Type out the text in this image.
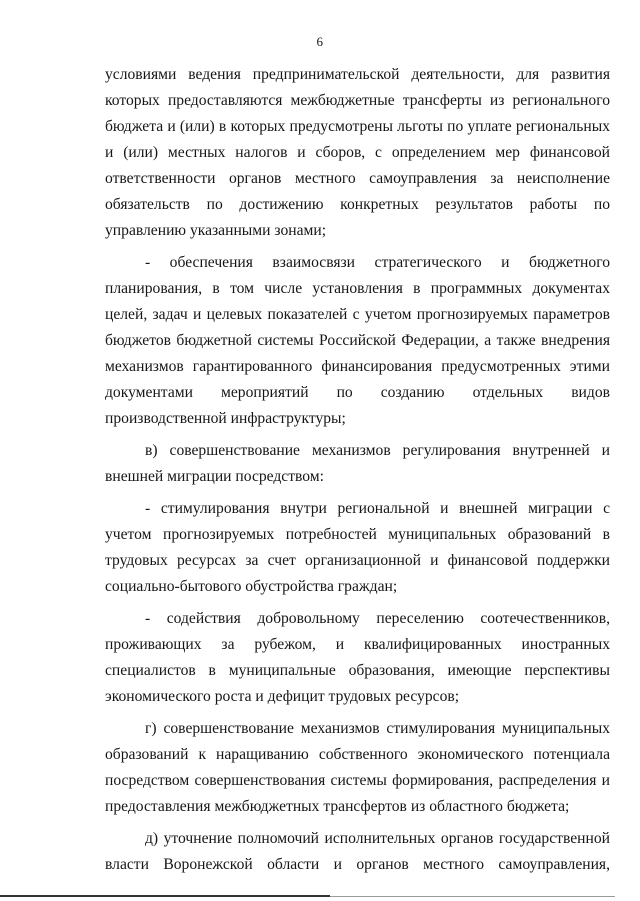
6

условиями ведения предпринимательской деятельности, для развития которых предоставляются межбюджетные трансферты из регионального бюджета и (или) в которых предусмотрены льготы по уплате региональных и (или) местных налогов и сборов, с определением мер финансовой ответственности органов местного самоуправления за неисполнение обязательств по достижению конкретных результатов работы по управлению указанными зонами;

- обеспечения взаимосвязи стратегического и бюджетного планирования, в том числе установления в программных документах целей, задач и целевых показателей с учетом прогнозируемых параметров бюджетов бюджетной системы Российской Федерации, а также внедрения механизмов гарантированного финансирования предусмотренных этими документами мероприятий по созданию отдельных видов производственной инфраструктуры;

в) совершенствование механизмов регулирования внутренней и внешней миграции посредством:

- стимулирования внутри региональной и внешней миграции с учетом прогнозируемых потребностей муниципальных образований в трудовых ресурсах за счет организационной и финансовой поддержки социально-бытового обустройства граждан;

- содействия добровольному переселению соотечественников, проживающих за рубежом, и квалифицированных иностранных специалистов в муниципальные образования, имеющие перспективы экономического роста и дефицит трудовых ресурсов;

г) совершенствование механизмов стимулирования муниципальных образований к наращиванию собственного экономического потенциала посредством совершенствования системы формирования, распределения и предоставления межбюджетных трансфертов из областного бюджета;

д) уточнение полномочий исполнительных органов государственной власти Воронежской области и органов местного самоуправления,
